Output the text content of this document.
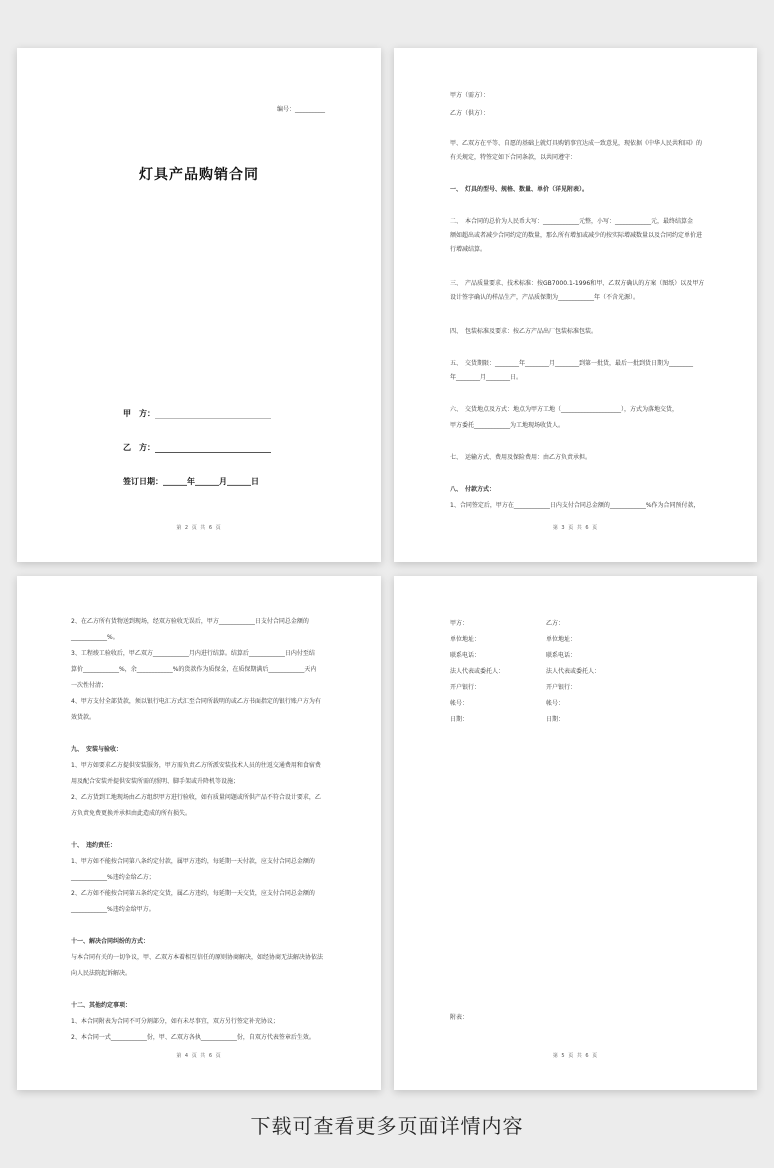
编号：__________
灯具产品购销合同
甲　方：
乙　方：
签订日期：______年______月______日
第 2 页 共 6 页
甲方（需方）：
乙方（供方）：
甲、乙双方在平等、自愿的基础上就灯具购销事宜达成一致意见，现依据《中华人民共和国》的
有关规定，特签定如下合同条款，以共同遵守：
一、　灯具的型号、规格、数量、单价（详见附表）。
二、　本合同的总价为人民币大写：____________元整，小写：____________元，最终结算金
额如超出或者减少合同约定的数量，那么所有增加或减少的按实际增减数量以及合同约定单价进
行增减结算。
三、　产品质量要求、技术标准：按GB7000.1-1996和甲、乙双方确认的方案（图纸）以及甲方
设计签字确认的样品生产，产品质保期为____________年（不含光源）。
四、　包装标准及要求：按乙方产品出厂包装标准包装。
五、　交货期限：________年________月________到第一批货，最后一批到货日期为________
年________月________日。
六、　交货地点及方式：地点为甲方工地（____________________），方式为落地交货，
甲方委托____________为工地现场收货人。
七、　运输方式、费用及保险费用：由乙方负责承担。
八、　付款方式：
1、合同签定后，甲方在____________日内支付合同总金额的____________%作为合同预付款，
第 3 页 共 6 页
2、在乙方所有货物送到现场，经双方验收无误后，甲方____________日支付合同总金额的
____________%。
3、工程竣工验收后，甲乙双方____________月内进行结算。结算后____________日内付至结
算价____________%，余____________%的货款作为质保金，在质保期满后____________天内
一次性付清；
4、甲方支付全部货款，须以银行电汇方式汇至合同所载明的或乙方书面指定的银行账户方为有
效货款。
九、　安装与验收：
1、甲方如要求乙方提供安装服务，甲方需负责乙方所派安装技术人员的往返交通费用和食宿费
用及配合安装并提供安装所需的照明、脚手架或升降机等设施；
2、乙方货到工地现场由乙方组织甲方进行验收，如有质量问题或所供产品不符合设计要求，乙
方负责免费更换并承担由此造成的所有损失。
十、　违约责任：
1、甲方如不能按合同第八条约定付款，属甲方违约，每延期一天付款，应支付合同总金额的
____________%违约金给乙方；
2、乙方如不能按合同第五条约定交货，属乙方违约，每延期一天交货，应支付合同总金额的
____________%违约金给甲方。
十一、解决合同纠纷的方式：
与本合同有关的一切争议，甲、乙双方本着相互信任的原则协商解决，如经协商无法解决协依法
向人民法院起诉解决。
十二、其他约定事项：
1、本合同附表为合同不可分割部分，如有未尽事宜，双方另行签定补充协议；
2、本合同一式____________份，甲、乙双方各执____________份，自双方代表签章后生效。
第 4 页 共 6 页
甲方：
单位地址：
联系电话：
法人代表或委托人：
开户银行：
帐号：
日期：
乙方：
单位地址：
联系电话：
法人代表或委托人：
开户银行：
帐号：
日期：
附表：
第 5 页 共 6 页
下载可查看更多页面详情内容
